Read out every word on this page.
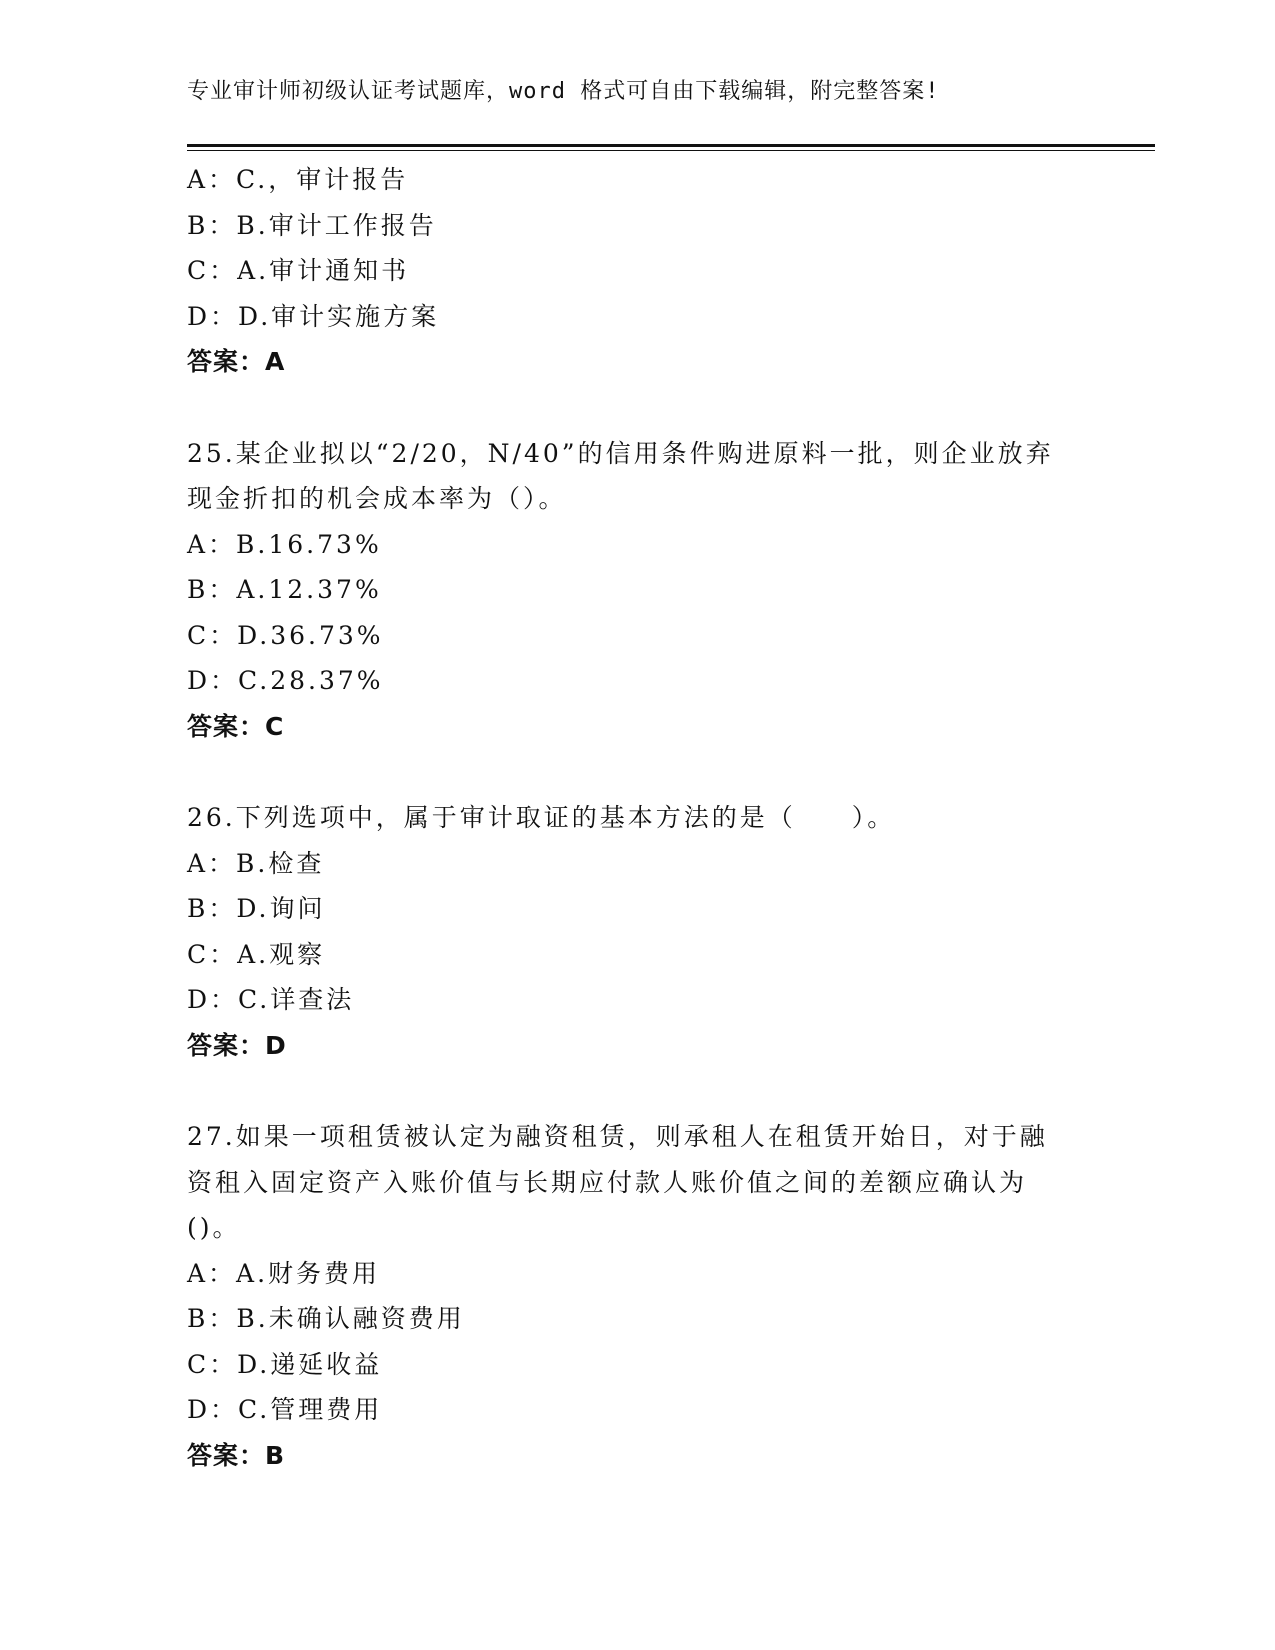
专业审计师初级认证考试题库，word 格式可自由下载编辑，附完整答案!
A：C.，审计报告
B：B.审计工作报告
C：A.审计通知书
D：D.审计实施方案
答案：A
25.某企业拟以“2/20，N/40”的信用条件购进原料一批，则企业放弃
现金折扣的机会成本率为（）。
A：B.16.73%
B：A.12.37%
C：D.36.73%
D：C.28.37%
答案：C
26.下列选项中，属于审计取证的基本方法的是（　　）。
A：B.检查
B：D.询问
C：A.观察
D：C.详查法
答案：D
27.如果一项租赁被认定为融资租赁，则承租人在租赁开始日，对于融
资租入固定资产入账价值与长期应付款人账价值之间的差额应确认为
()。
A：A.财务费用
B：B.未确认融资费用
C：D.递延收益
D：C.管理费用
答案：B
